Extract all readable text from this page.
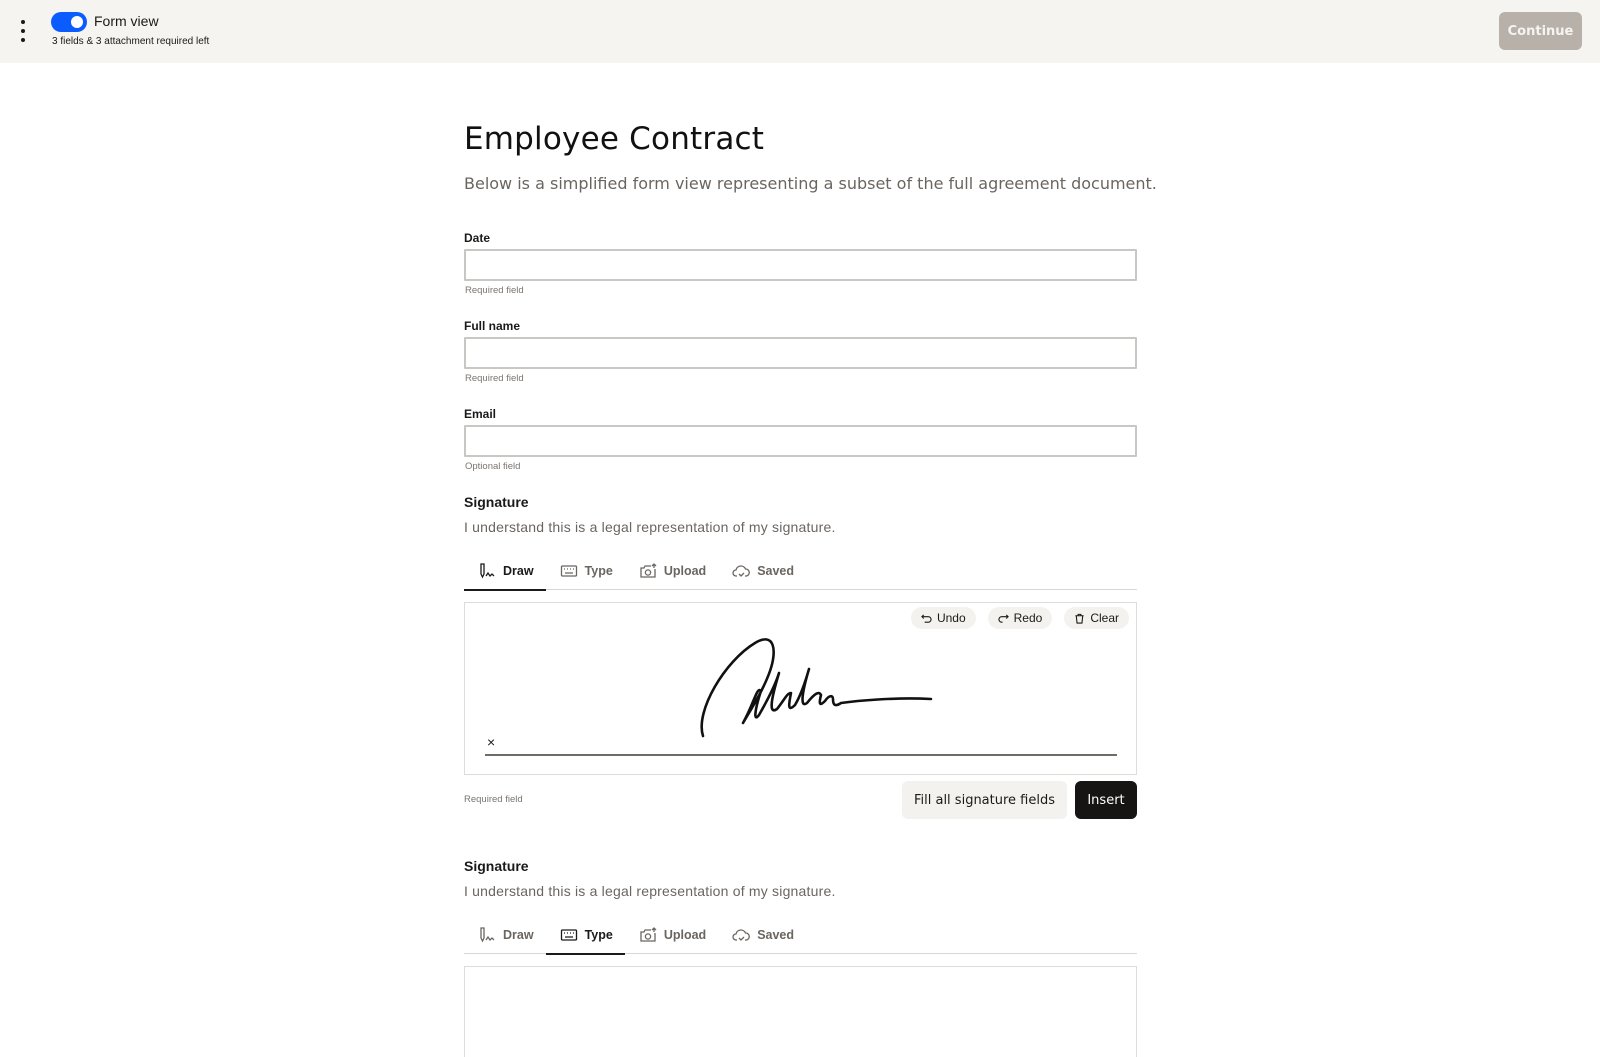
Form view
3 fields & 3 attachment required left
Continue
Employee Contract

Below is a simplified form view representing a subset of the full agreement document.

Date
Required field
Full name
Required field
Email
Optional field
Signature
I understand this is a legal representation of my signature.
Draw	Type	Upload	Saved
Undo	Redo	Clear
×
Required field	Fill all signature fields	Insert
Signature
I understand this is a legal representation of my signature.
Draw	Type	Upload	Saved
